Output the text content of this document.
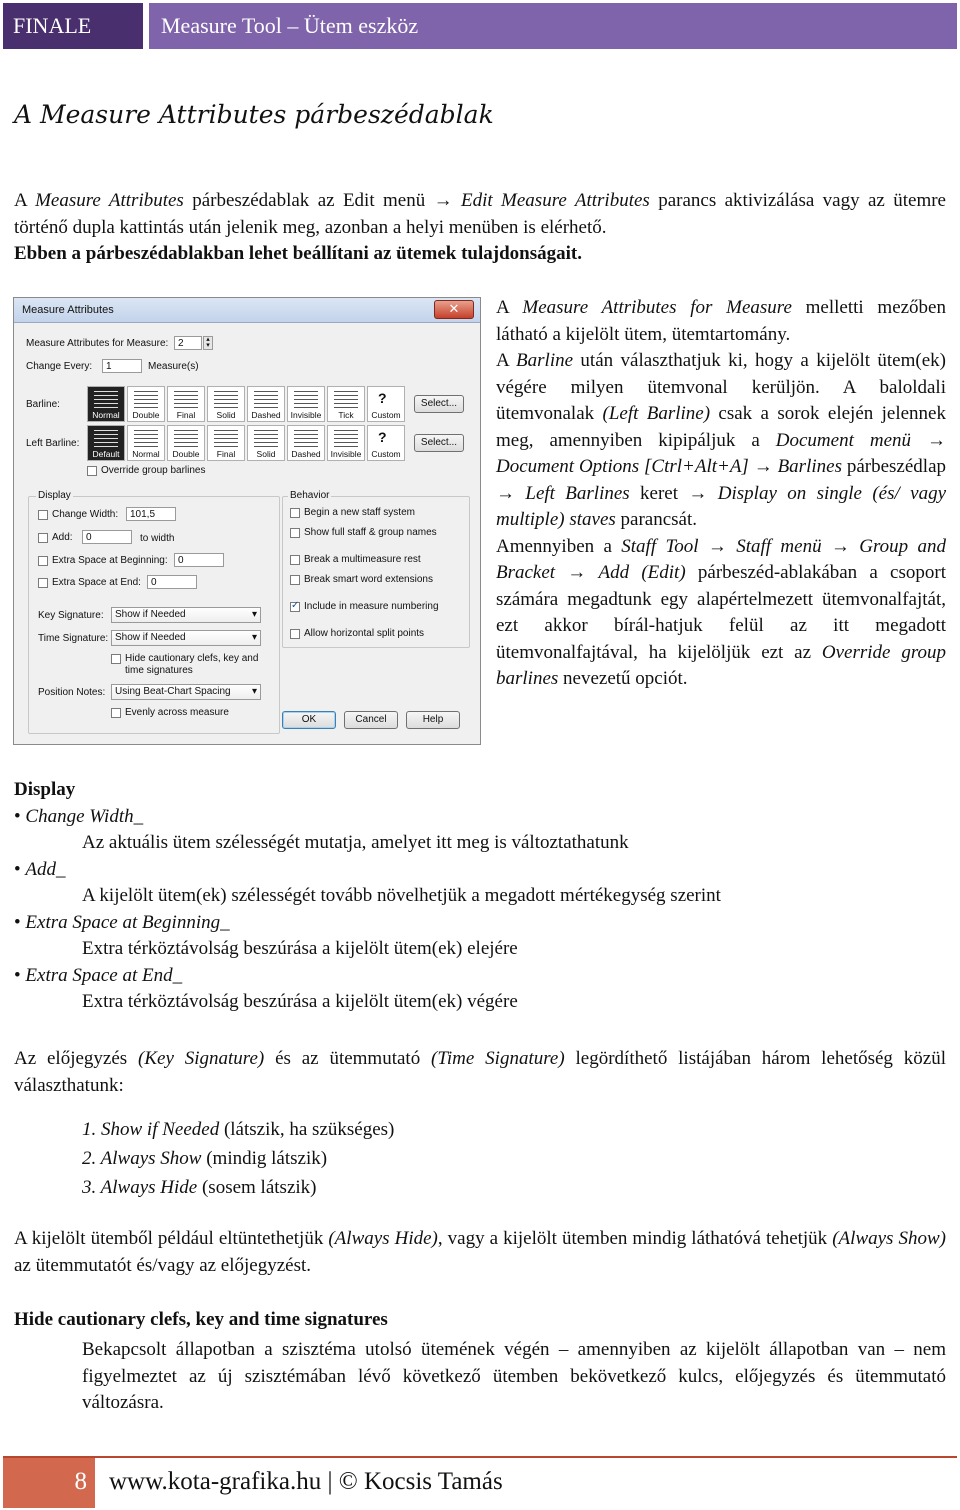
FINALE	Measure Tool – Ütem eszköz
A Measure Attributes párbeszédablak

A Measure Attributes párbeszédablak az Edit menü → Edit Measure Attributes parancs aktivizálása vagy az ütemre történő dupla kattintás után jelenik meg, azonban a helyi menüben is elérhető.

Ebben a párbeszédablakban lehet beállítani az ütemek tulajdonságait.

Measure Attributes	✕
Measure Attributes for Measure: 2	▴
▾
Change Every:	1	Measure(s)
Barline:
Normal	Double	Final	Solid	Dashed	Invisible	Tick
?
Custom
Select...
Left Barline:
Default	Normal	Double	Final	Solid	Dashed	Invisible
?
Custom
Select...
Override group barlines
Display
Change Width:	101,5
Add:	0	to width
Extra Space at Beginning:	0
Extra Space at End:	0
Key Signature:	Show if Needed ▾
Time Signature: Show if Needed ▾
Hide cautionary clefs, key and
time signatures
Position Notes: Using Beat-Chart Spacing ▾
Evenly across measure
Behavior
Begin a new staff system
Show full staff & group names
Break a multimeasure rest
Break smart word extensions
✓
Include in measure numbering
Allow horizontal split points
OK	Cancel	Help

A Measure Attributes for Measure melletti mezőben látható a kijelölt ütem, ütemtartomány.

A Barline után választhatjuk ki, hogy a kijelölt ütem(ek) végére milyen ütemvonal kerüljön. A baloldali ütemvonalak (Left Barline) csak a sorok elején jelennek meg, amennyiben kipipáljuk a Document menü → Document Options [Ctrl+Alt+A] → Barlines párbeszédlap → Left Barlines keret → Display on single (és/ vagy multiple) staves parancsát.

Amennyiben a Staff Tool → Staff menü → Group and Bracket → Add (Edit) párbeszéd-ablakában a csoport számára megadtunk egy alapértelmezett ütemvonalfajtát, ezt akkor bírál-hatjuk felül az itt megadott ütemvonalfajtával, ha kijelöljük ezt az Override group barlines nevezetű opciót.

Display

• Change Width_

Az aktuális ütem szélességét mutatja, amelyet itt meg is változtathatunk

• Add_

A kijelölt ütem(ek) szélességét tovább növelhetjük a megadott mértékegység szerint

• Extra Space at Beginning_

Extra térköztávolság beszúrása a kijelölt ütem(ek) elejére

• Extra Space at End_

Extra térköztávolság beszúrása a kijelölt ütem(ek) végére

Az előjegyzés (Key Signature) és az ütemmutató (Time Signature) legördíthető listájában három lehetőség közül választhatunk:

1. Show if Needed (látszik, ha szükséges)

2. Always Show (mindig látszik)

3. Always Hide (sosem látszik)

A kijelölt ütemből például eltüntethetjük (Always Hide), vagy a kijelölt ütemben mindig láthatóvá tehetjük (Always Show) az ütemmutatót és/vagy az előjegyzést.

Hide cautionary clefs, key and time signatures
Bekapcsolt állapotban a szisztéma utolsó ütemének végén – amennyiben az kijelölt állapotban van – nem figyelmeztet az új szisztémában lévő következő ütemben bekövetkező kulcs, előjegyzés és ütemmutató változásra.
8 www.kota-grafika.hu | © Kocsis Tamás
